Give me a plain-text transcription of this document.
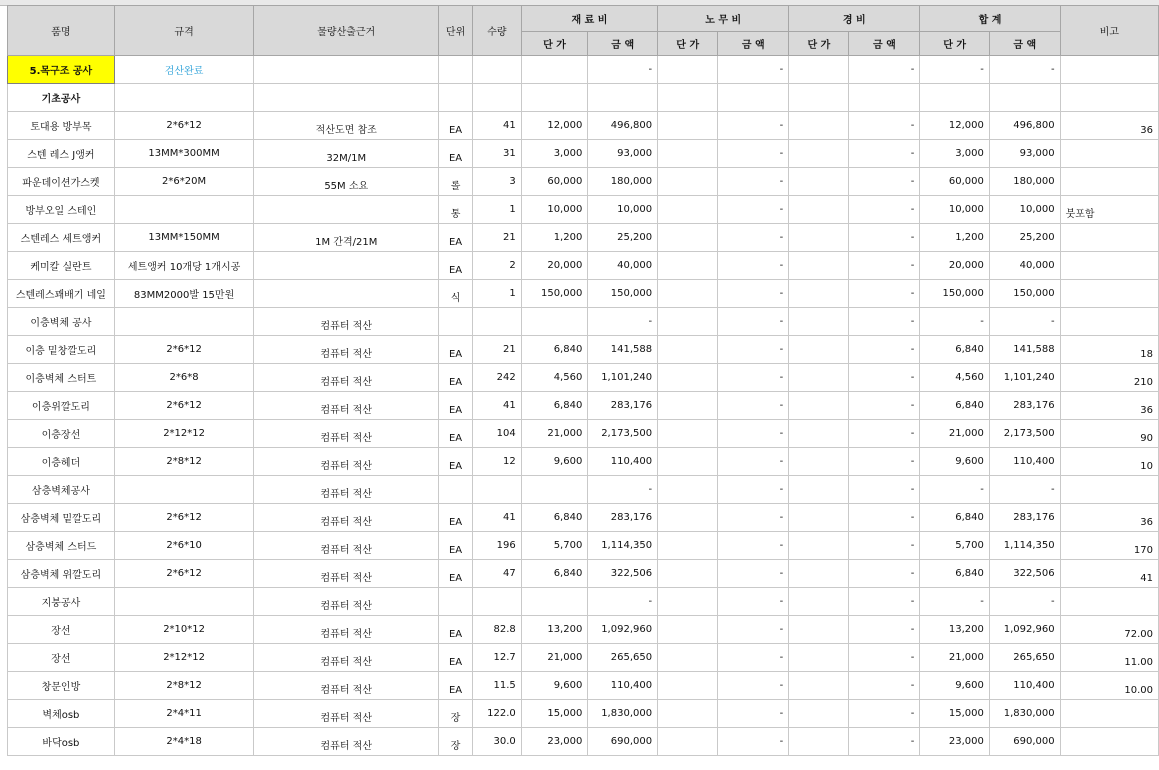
품명	규격	물량산출근거	단위	수량	재 료 비		노 무 비		경 비		합 계		비고
					단 가	금 액	단 가	금 액	단 가	금 액	단 가	금 액	
5.목구조 공사	검산완료					-		-		-	-	-	
기초공사													
토대용 방부목	2*6*12	적산도면 참조	EA	41	12,000	496,800		-		-	12,000	496,800	36
스텐 레스 J앵커	13MM*300MM	32M/1M	EA	31	3,000	93,000		-		-	3,000	93,000	
파운데이션가스켓	2*6*20M	55M 소요	롤	3	60,000	180,000		-		-	60,000	180,000	
방부오일 스테인			통	1	10,000	10,000		-		-	10,000	10,000	붓포함
스텐레스 세트앵커	13MM*150MM	1M 간격/21M	EA	21	1,200	25,200		-		-	1,200	25,200	
케미칼 실란트	세트앵커 10개당 1개시공		EA	2	20,000	40,000		-		-	20,000	40,000	
스텐레스꽤배기 네일	83MM2000발 15만원		식	1	150,000	150,000		-		-	150,000	150,000	
이층벽체 공사		컴퓨터 적산				-		-		-	-	-	
이층 밑창깔도리	2*6*12	컴퓨터 적산	EA	21	6,840	141,588		-		-	6,840	141,588	18
이층벽체 스터트	2*6*8	컴퓨터 적산	EA	242	4,560	1,101,240		-		-	4,560	1,101,240	210
이층위깔도리	2*6*12	컴퓨터 적산	EA	41	6,840	283,176		-		-	6,840	283,176	36
이층장선	2*12*12	컴퓨터 적산	EA	104	21,000	2,173,500		-		-	21,000	2,173,500	90
이층헤더	2*8*12	컴퓨터 적산	EA	12	9,600	110,400		-		-	9,600	110,400	10
삼층벽체공사		컴퓨터 적산				-		-		-	-	-	
삼층벽체 밑깔도리	2*6*12	컴퓨터 적산	EA	41	6,840	283,176		-		-	6,840	283,176	36
삼층벽체 스터드	2*6*10	컴퓨터 적산	EA	196	5,700	1,114,350		-		-	5,700	1,114,350	170
삼층벽체 위깔도리	2*6*12	컴퓨터 적산	EA	47	6,840	322,506		-		-	6,840	322,506	41
지붕공사		컴퓨터 적산				-		-		-	-	-	
장선	2*10*12	컴퓨터 적산	EA	82.8	13,200	1,092,960		-		-	13,200	1,092,960	72.00
장선	2*12*12	컴퓨터 적산	EA	12.7	21,000	265,650		-		-	21,000	265,650	11.00
창문인방	2*8*12	컴퓨터 적산	EA	11.5	9,600	110,400		-		-	9,600	110,400	10.00
벽체osb	2*4*11	컴퓨터 적산	장	122.0	15,000	1,830,000		-		-	15,000	1,830,000	
바닥osb	2*4*18	컴퓨터 적산	장	30.0	23,000	690,000		-		-	23,000	690,000	
